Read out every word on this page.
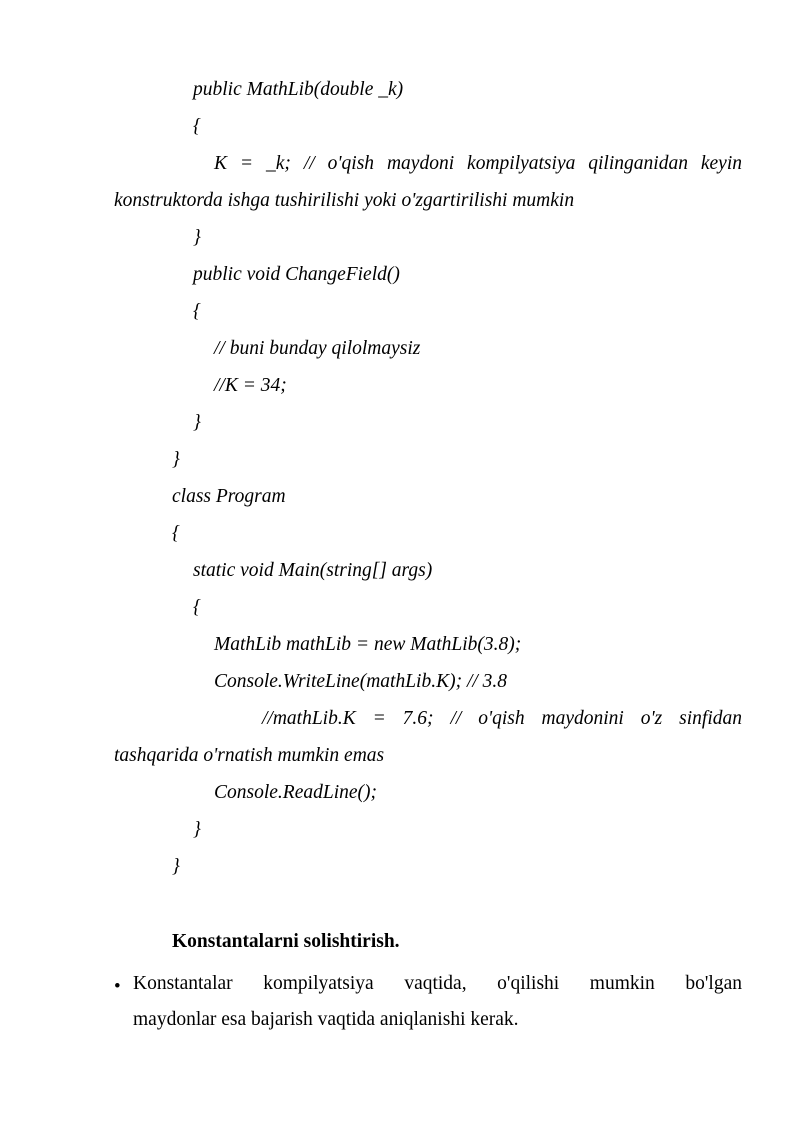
public MathLib(double _k)
{
K = _k; // o'qish maydoni kompilyatsiya qilinganidan keyin
konstruktorda ishga tushirilishi yoki o'zgartirilishi mumkin
}
public void ChangeField()
{
// buni bunday qilolmaysiz
//K = 34;
}
}
class Program
{
static void Main(string[] args)
{
MathLib mathLib = new MathLib(3.8);
Console.WriteLine(mathLib.K); // 3.8
//mathLib.K = 7.6; // o'qish maydonini o'z sinfidan
tashqarida o'rnatish mumkin emas
Console.ReadLine();
}
}
Konstantalarni solishtirish.
• Konstantalar kompilyatsiya vaqtida, o'qilishi mumkin bo'lgan
maydonlar esa bajarish vaqtida aniqlanishi kerak.
